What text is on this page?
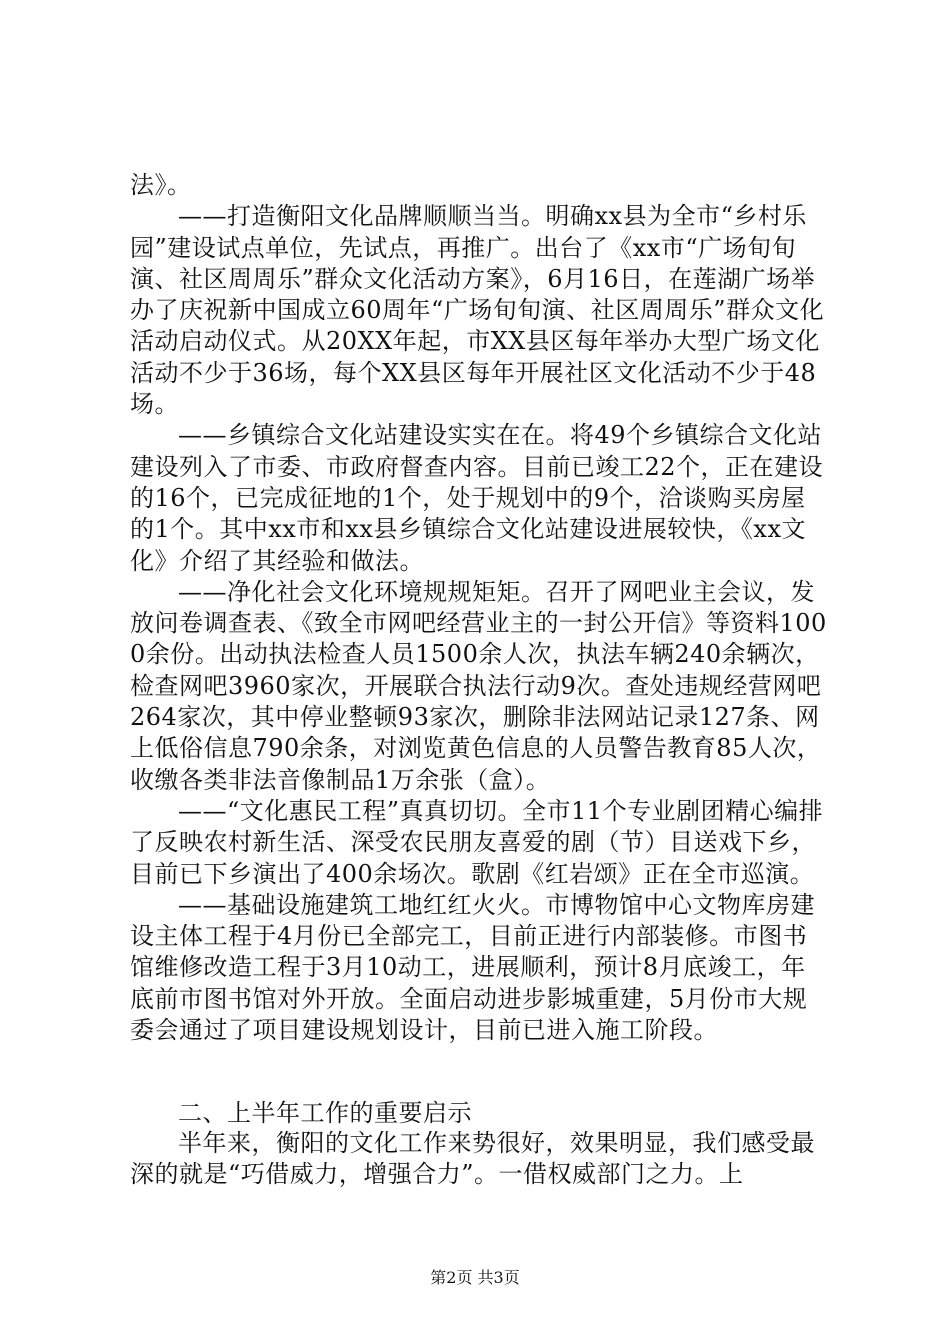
法》。

——打造衡阳文化品牌顺顺当当。明确xx县为全市“乡村乐园”建设试点单位，先试点，再推广。出台了《xx市“广场旬旬演、社区周周乐”群众文化活动方案》，6月16日，在莲湖广场举办了庆祝新中国成立60周年“广场旬旬演、社区周周乐”群众文化活动启动仪式。从20XX年起，市XX县区每年举办大型广场文化活动不少于36场，每个XX县区每年开展社区文化活动不少于48场。

——乡镇综合文化站建设实实在在。将49个乡镇综合文化站建设列入了市委、市政府督查内容。目前已竣工22个，正在建设的16个，已完成征地的1个，处于规划中的9个，洽谈购买房屋的1个。其中xx市和xx县乡镇综合文化站建设进展较快，《xx文化》介绍了其经验和做法。

——净化社会文化环境规规矩矩。召开了网吧业主会议，发放问卷调查表、《致全市网吧经营业主的一封公开信》等资料1000余份。出动执法检查人员1500余人次，执法车辆240余辆次，检查网吧3960家次，开展联合执法行动9次。查处违规经营网吧264家次，其中停业整顿93家次，删除非法网站记录127条、网上低俗信息790余条，对浏览黄色信息的人员警告教育85人次，收缴各类非法音像制品1万余张（盒）。

——“文化惠民工程”真真切切。全市11个专业剧团精心编排了反映农村新生活、深受农民朋友喜爱的剧（节）目送戏下乡，目前已下乡演出了400余场次。歌剧《红岩颂》正在全市巡演。

——基础设施建筑工地红红火火。市博物馆中心文物库房建设主体工程于4月份已全部完工，目前正进行内部装修。市图书馆维修改造工程于3月10动工，进展顺利，预计8月底竣工，年底前市图书馆对外开放。全面启动进步影城重建，5月份市大规委会通过了项目建设规划设计，目前已进入施工阶段。

二、上半年工作的重要启示

半年来，衡阳的文化工作来势很好，效果明显，我们感受最深的就是“巧借威力，增强合力”。一借权威部门之力。上

第2页 共3页
